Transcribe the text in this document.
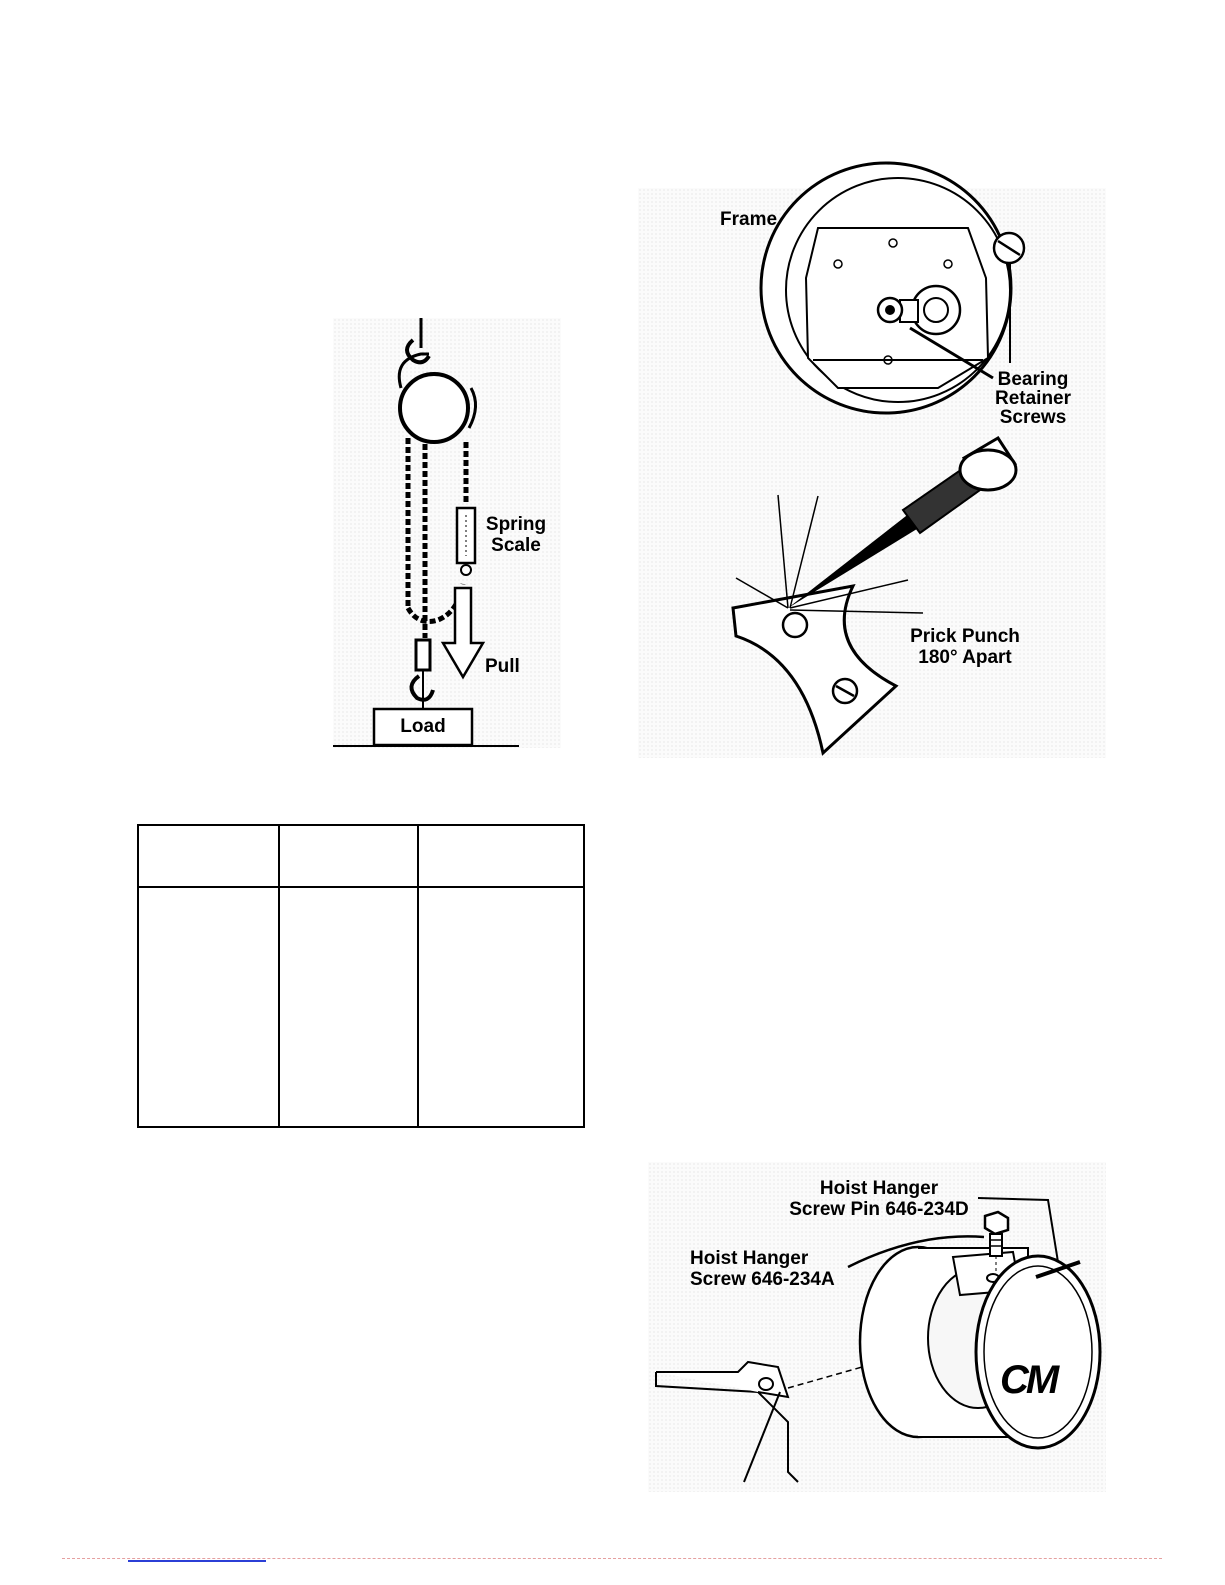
Spring
Scale
Pull
Load
Frame
Bearing
Retainer
Screws
Prick Punch
180° Apart

Hoist Hanger
Screw Pin 646-234D
Hoist Hanger
Screw 646-234A
CM
